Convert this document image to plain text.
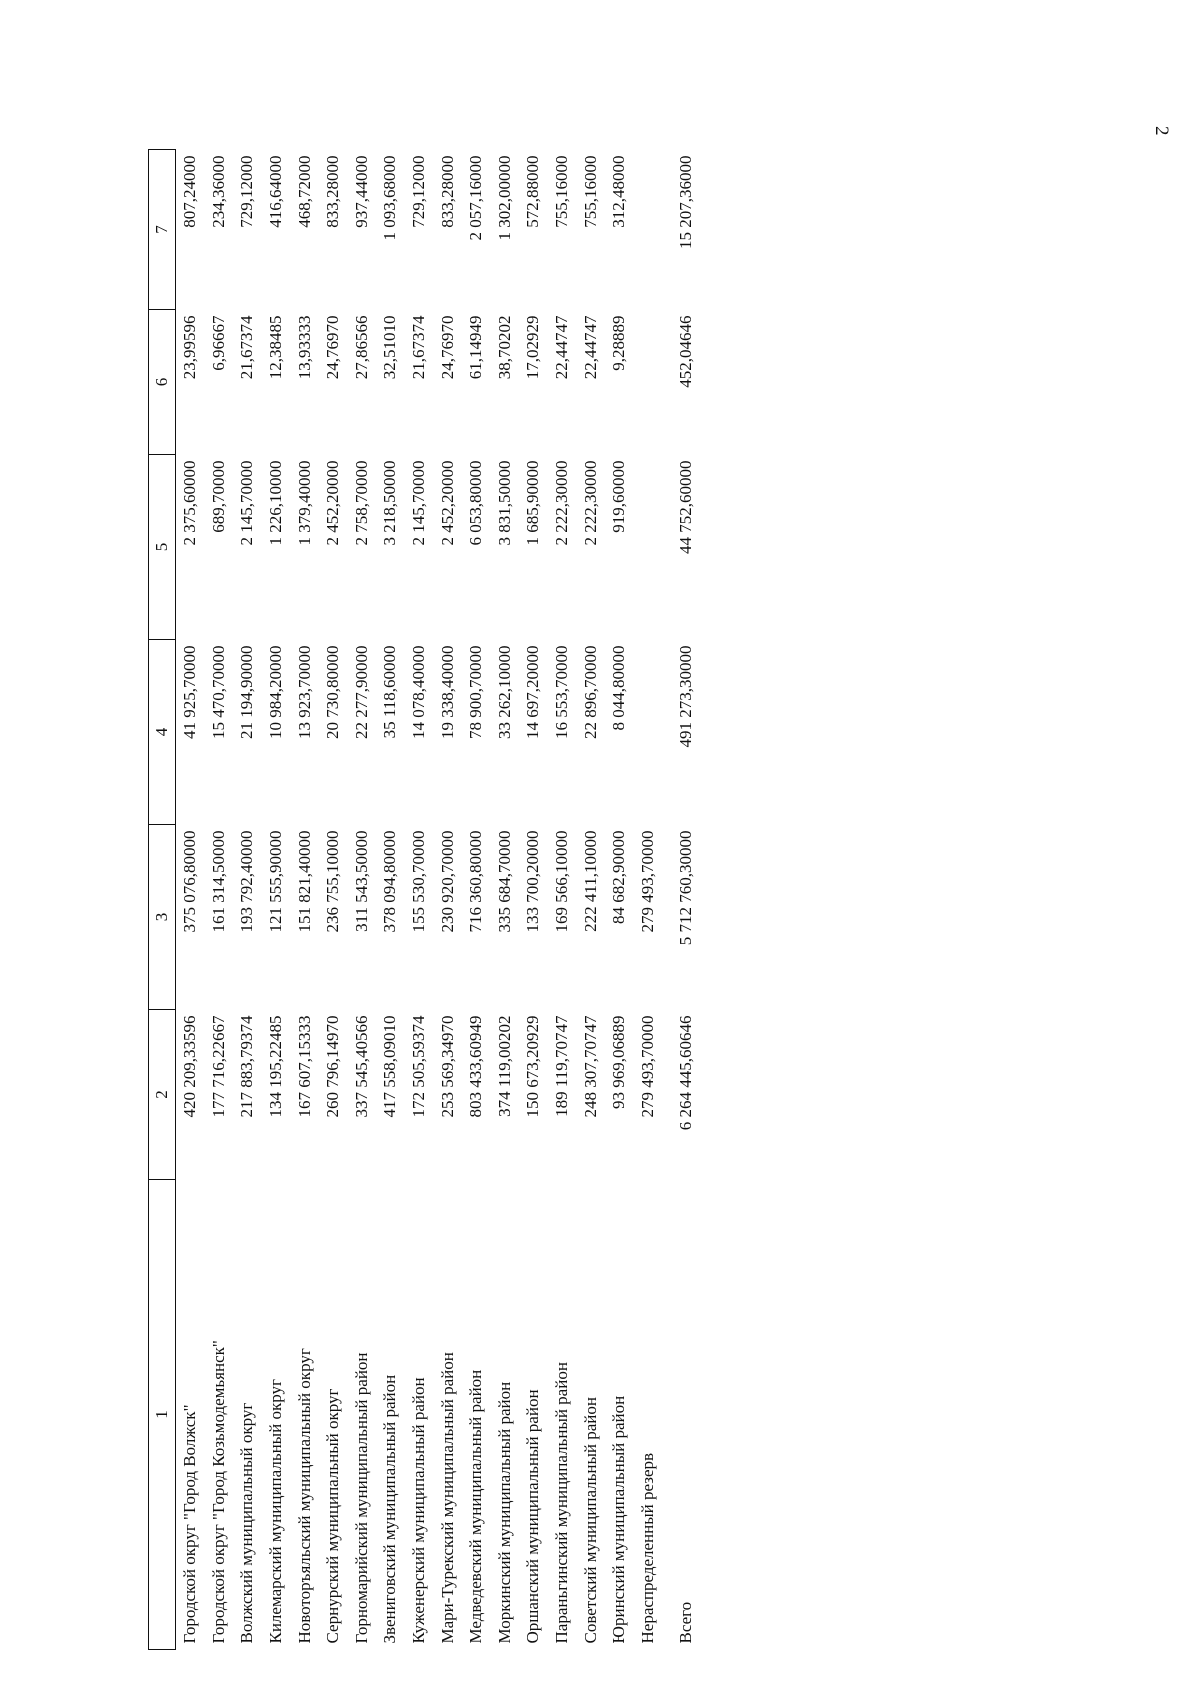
2
1	2	3	4	5	6	7
Городской округ "Город Волжск"	420 209,33596	375 076,80000	41 925,70000	2 375,60000	23,99596	807,24000
Городской округ "Город Козьмодемьянск"	177 716,22667	161 314,50000	15 470,70000	689,70000	6,96667	234,36000
Волжский муниципальный округ	217 883,79374	193 792,40000	21 194,90000	2 145,70000	21,67374	729,12000
Килемарский муниципальный округ	134 195,22485	121 555,90000	10 984,20000	1 226,10000	12,38485	416,64000
Новоторъяльский муниципальный округ	167 607,15333	151 821,40000	13 923,70000	1 379,40000	13,93333	468,72000
Сернурский муниципальный округ	260 796,14970	236 755,10000	20 730,80000	2 452,20000	24,76970	833,28000
Горномарийский муниципальный район	337 545,40566	311 543,50000	22 277,90000	2 758,70000	27,86566	937,44000
Звениговский муниципальный район	417 558,09010	378 094,80000	35 118,60000	3 218,50000	32,51010	1 093,68000
Куженерский муниципальный район	172 505,59374	155 530,70000	14 078,40000	2 145,70000	21,67374	729,12000
Мари-Турекский муниципальный район	253 569,34970	230 920,70000	19 338,40000	2 452,20000	24,76970	833,28000
Медведевский муниципальный район	803 433,60949	716 360,80000	78 900,70000	6 053,80000	61,14949	2 057,16000
Моркинский муниципальный район	374 119,00202	335 684,70000	33 262,10000	3 831,50000	38,70202	1 302,00000
Оршанский муниципальный район	150 673,20929	133 700,20000	14 697,20000	1 685,90000	17,02929	572,88000
Параньгинский муниципальный район	189 119,70747	169 566,10000	16 553,70000	2 222,30000	22,44747	755,16000
Советский муниципальный район	248 307,70747	222 411,10000	22 896,70000	2 222,30000	22,44747	755,16000
Юринский муниципальный район	93 969,06889	84 682,90000	8 044,80000	919,60000	9,28889	312,48000
Нераспределенный резерв	279 493,70000	279 493,70000				
Всего	6 264 445,60646	5 712 760,30000	491 273,30000	44 752,60000	452,04646	15 207,36000
